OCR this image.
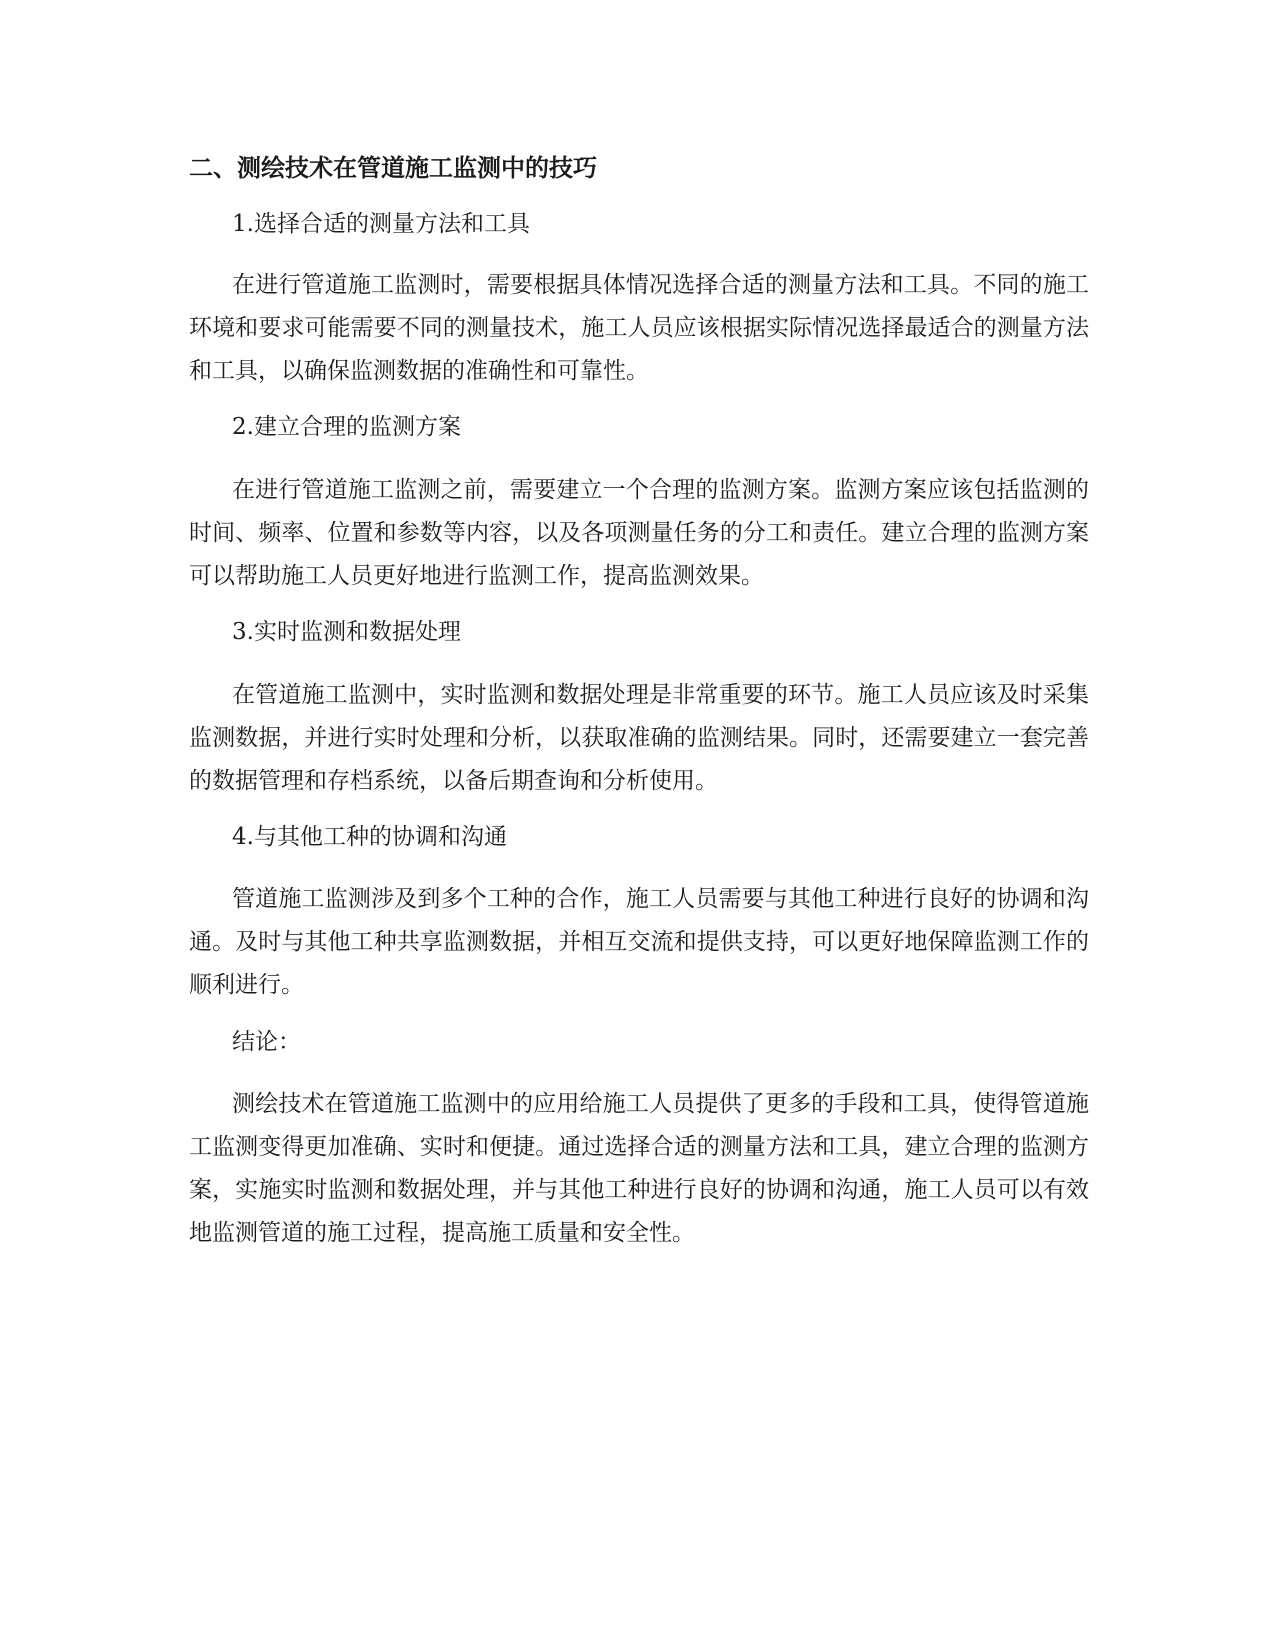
二、测绘技术在管道施工监测中的技巧
1.选择合适的测量方法和工具
在进行管道施工监测时，需要根据具体情况选择合适的测量方法和工具。不同的施工环境和要求可能需要不同的测量技术，施工人员应该根据实际情况选择最适合的测量方法和工具，以确保监测数据的准确性和可靠性。
2.建立合理的监测方案
在进行管道施工监测之前，需要建立一个合理的监测方案。监测方案应该包括监测的时间、频率、位置和参数等内容，以及各项测量任务的分工和责任。建立合理的监测方案可以帮助施工人员更好地进行监测工作，提高监测效果。
3.实时监测和数据处理
在管道施工监测中，实时监测和数据处理是非常重要的环节。施工人员应该及时采集监测数据，并进行实时处理和分析，以获取准确的监测结果。同时，还需要建立一套完善的数据管理和存档系统，以备后期查询和分析使用。
4.与其他工种的协调和沟通
管道施工监测涉及到多个工种的合作，施工人员需要与其他工种进行良好的协调和沟通。及时与其他工种共享监测数据，并相互交流和提供支持，可以更好地保障监测工作的顺利进行。
结论：
测绘技术在管道施工监测中的应用给施工人员提供了更多的手段和工具，使得管道施工监测变得更加准确、实时和便捷。通过选择合适的测量方法和工具，建立合理的监测方案，实施实时监测和数据处理，并与其他工种进行良好的协调和沟通，施工人员可以有效地监测管道的施工过程，提高施工质量和安全性。
